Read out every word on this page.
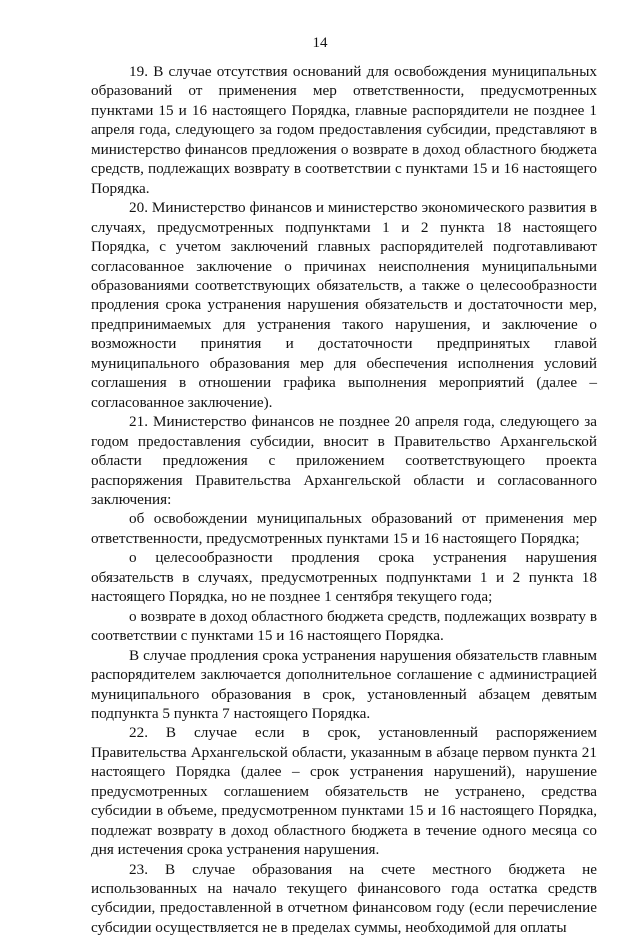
14

19. В случае отсутствия оснований для освобождения муниципальных образований от применения мер ответственности, предусмотренных пунктами 15 и 16 настоящего Порядка, главные распорядители не позднее 1 апреля года, следующего за годом предоставления субсидии, представляют в министерство финансов предложения о возврате в доход областного бюджета средств, подлежащих возврату в соответствии с пунктами 15 и 16 настоящего Порядка.

20. Министерство финансов и министерство экономического развития в случаях, предусмотренных подпунктами 1 и 2 пункта 18 настоящего Порядка, с учетом заключений главных распорядителей подготавливают согласованное заключение о причинах неисполнения муниципальными образованиями соответствующих обязательств, а также о целесообразности продления срока устранения нарушения обязательств и достаточности мер, предпринимаемых для устранения такого нарушения, и заключение о возможности принятия и достаточности предпринятых главой муниципального образования мер для обеспечения исполнения условий соглашения в отношении графика выполнения мероприятий (далее – согласованное заключение).

21. Министерство финансов не позднее 20 апреля года, следующего за годом предоставления субсидии, вносит в Правительство Архангельской области предложения с приложением соответствующего проекта распоряжения Правительства Архангельской области и согласованного заключения:

об освобождении муниципальных образований от применения мер ответственности, предусмотренных пунктами 15 и 16 настоящего Порядка;

о целесообразности продления срока устранения нарушения обязательств в случаях, предусмотренных подпунктами 1 и 2 пункта 18 настоящего Порядка, но не позднее 1 сентября текущего года;

о возврате в доход областного бюджета средств, подлежащих возврату в соответствии с пунктами 15 и 16 настоящего Порядка.

В случае продления срока устранения нарушения обязательств главным распорядителем заключается дополнительное соглашение с администрацией муниципального образования в срок, установленный абзацем девятым подпункта 5 пункта 7 настоящего Порядка.

22. В случае если в срок, установленный распоряжением Правительства Архангельской области, указанным в абзаце первом пункта 21 настоящего Порядка (далее – срок устранения нарушений), нарушение предусмотренных соглашением обязательств не устранено, средства субсидии в объеме, предусмотренном пунктами 15 и 16 настоящего Порядка, подлежат возврату в доход областного бюджета в течение одного месяца со дня истечения срока устранения нарушения.

23. В случае образования на счете местного бюджета не использованных на начало текущего финансового года остатка средств субсидии, предоставленной в отчетном финансовом году (если перечисление субсидии осуществляется не в пределах суммы, необходимой для оплаты
